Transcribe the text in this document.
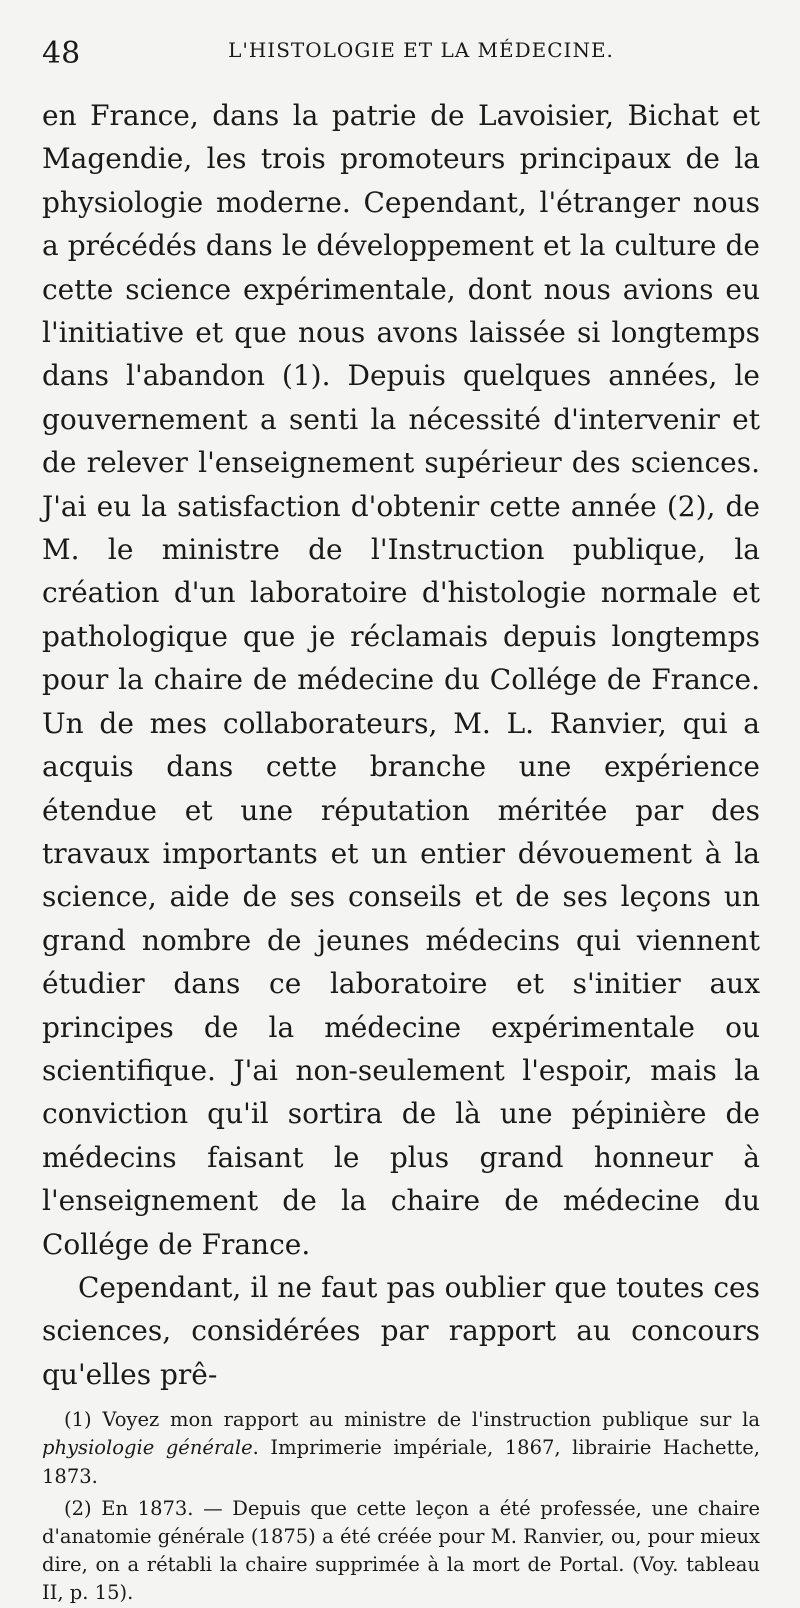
48	L'HISTOLOGIE ET LA MÉDECINE.

en France, dans la patrie de Lavoisier, Bichat et Magendie, les trois promoteurs principaux de la physiologie moderne. Cependant, l'étranger nous a précédés dans le développement et la culture de cette science expérimentale, dont nous avions eu l'initiative et que nous avons laissée si longtemps dans l'abandon (1). Depuis quelques années, le gouvernement a senti la nécessité d'intervenir et de relever l'enseignement supérieur des sciences. J'ai eu la satisfaction d'obtenir cette année (2), de M. le ministre de l'Instruction publique, la création d'un laboratoire d'histologie normale et pathologique que je réclamais depuis longtemps pour la chaire de médecine du Collége de France. Un de mes collaborateurs, M. L. Ranvier, qui a acquis dans cette branche une expérience étendue et une réputation méritée par des travaux importants et un entier dévouement à la science, aide de ses conseils et de ses leçons un grand nombre de jeunes médecins qui viennent étudier dans ce laboratoire et s'initier aux principes de la médecine expérimentale ou scientifique. J'ai non-seulement l'espoir, mais la conviction qu'il sortira de là une pépinière de médecins faisant le plus grand honneur à l'enseignement de la chaire de médecine du Collége de France.

Cependant, il ne faut pas oublier que toutes ces sciences, considérées par rapport au concours qu'elles prê-

(1) Voyez mon rapport au ministre de l'instruction publique sur la physiologie générale. Imprimerie impériale, 1867, librairie Hachette, 1873.

(2) En 1873. — Depuis que cette leçon a été professée, une chaire d'anatomie générale (1875) a été créée pour M. Ranvier, ou, pour mieux dire, on a rétabli la chaire supprimée à la mort de Portal. (Voy. tableau II, p. 15).
